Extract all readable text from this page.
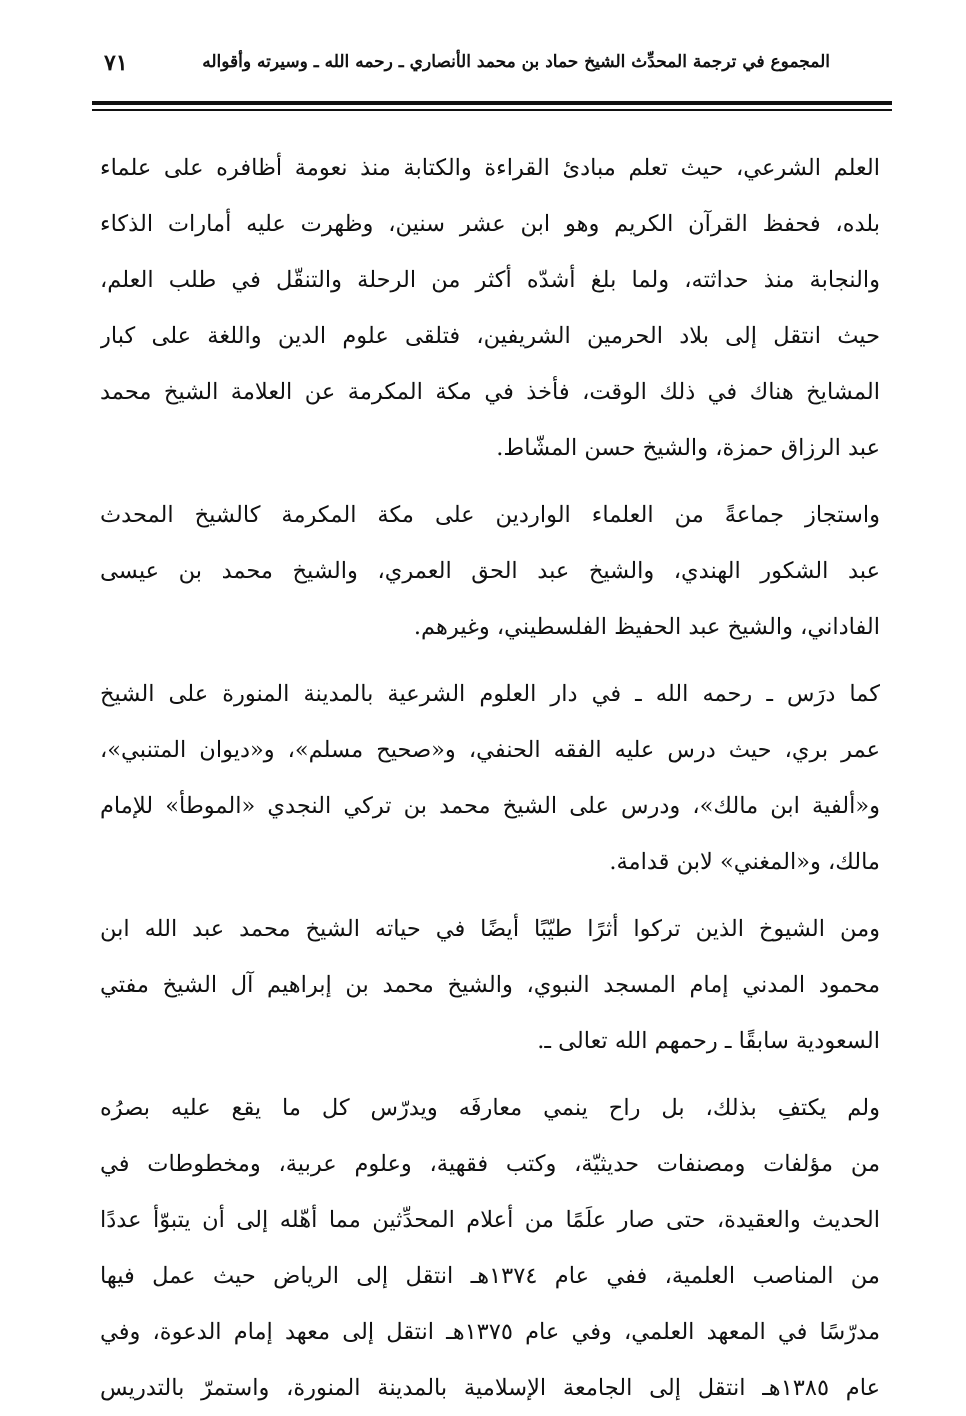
المجموع في ترجمة المحدِّث الشيخ حماد بن محمد الأنصاري ـ رحمه الله ـ وسيرته وأقواله
٧١
العلم الشرعي، حيث تعلم مبادئ القراءة والكتابة منذ نعومة أظافره على علماء
بلده، فحفظ القرآن الكريم وهو ابن عشر سنين، وظهرت عليه أمارات الذكاء
والنجابة منذ حداثته، ولما بلغ أشدّه أكثر من الرحلة والتنقّل في طلب العلم،
حيث انتقل إلى بلاد الحرمين الشريفين، فتلقى علوم الدين واللغة على كبار
المشايخ هناك في ذلك الوقت، فأخذ في مكة المكرمة عن العلامة الشيخ محمد
عبد الرزاق حمزة، والشيخ حسن المشّاط.
واستجاز جماعةً من العلماء الواردين على مكة المكرمة كالشيخ المحدث
عبد الشكور الهندي، والشيخ عبد الحق العمري، والشيخ محمد بن عيسى
الفاداني، والشيخ عبد الحفيظ الفلسطيني، وغيرهم.
كما درَس ـ رحمه الله ـ في دار العلوم الشرعية بالمدينة المنورة على الشيخ
عمر بري، حيث درس عليه الفقه الحنفي، و«صحيح مسلم»، و«ديوان المتنبي»،
و«ألفية ابن مالك»، ودرس على الشيخ محمد بن تركي النجدي «الموطأ» للإمام
مالك، و«المغني» لابن قدامة.
ومن الشيوخ الذين تركوا أثرًا طيّبًا أيضًا في حياته الشيخ محمد عبد الله ابن
محمود المدني إمام المسجد النبوي، والشيخ محمد بن إبراهيم آل الشيخ مفتي
السعودية سابقًا ـ رحمهم الله تعالى ـ.
ولم يكتفِ بذلك، بل راح ينمي معارفَه ويدرّس كل ما يقع عليه بصرُه
من مؤلفات ومصنفات حديثيّة، وكتب فقهية، وعلوم عربية، ومخطوطات في
الحديث والعقيدة، حتى صار علَمًا من أعلام المحدِّثين مما أهّله إلى أن يتبوّأ عددًا
من المناصب العلمية، ففي عام ١٣٧٤هـ انتقل إلى الرياض حيث عمل فيها
مدرّسًا في المعهد العلمي، وفي عام ١٣٧٥هـ انتقل إلى معهد إمام الدعوة، وفي
عام ١٣٨٥هـ انتقل إلى الجامعة الإسلامية بالمدينة المنورة، واستمرّ بالتدريس
